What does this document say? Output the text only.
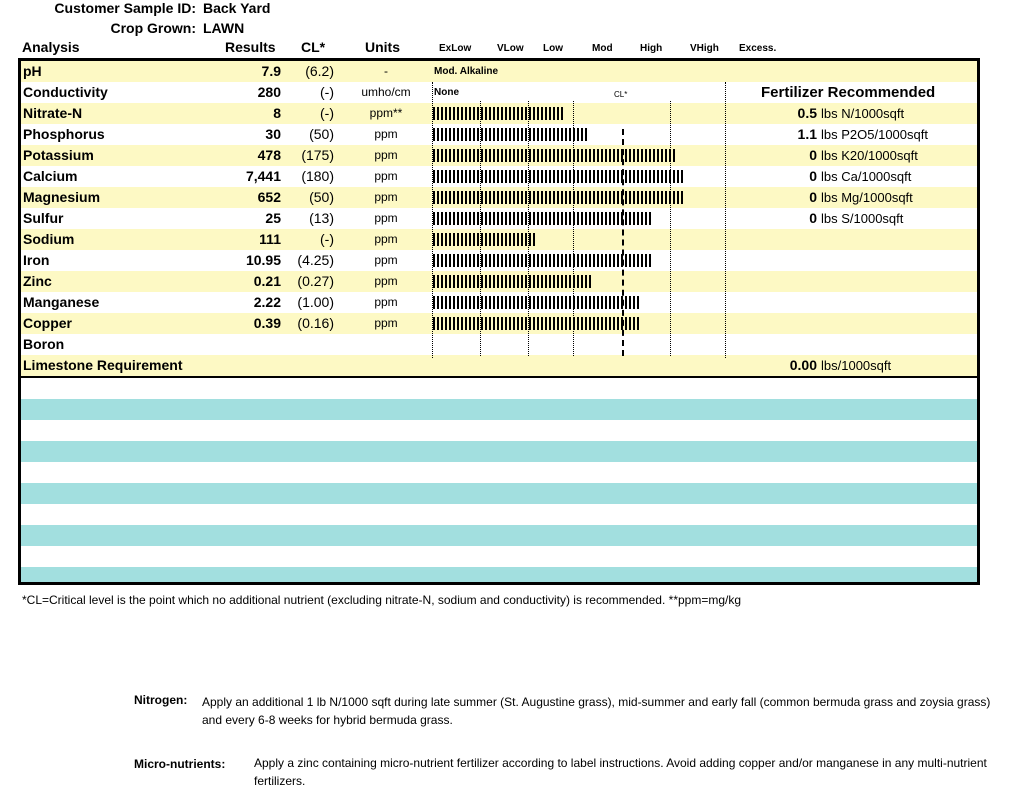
Customer Sample ID: Back Yard
Crop Grown: LAWN
Analysis	Results CL*	Units	ExLow	VLow Low	Mod	High	VHigh Excess.
pH	7.9	(6.2)	-	Mod. Alkaline
Conductivity	280	(-)	umho/cm	None
Nitrate-N	8	(-)	ppm**	0.5 lbs N/1000sqft
Phosphorus	30	(50)	ppm	1.1 lbs P2O5/1000sqft
Potassium	478	(175)	ppm	0 lbs K20/1000sqft
Calcium	7,441	(180)	ppm	0 lbs Ca/1000sqft
Magnesium	652	(50)	ppm	0 lbs Mg/1000sqft
Sulfur	25	(13)	ppm	0 lbs S/1000sqft
Sodium	111	(-)	ppm
Iron	10.95	(4.25)	ppm
Zinc	0.21	(0.27)	ppm
Manganese	2.22	(1.00)	ppm
Copper	0.39	(0.16)	ppm
Boron
Limestone Requirement	0.00 lbs/1000sqft
CL*	Fertilizer Recommended
*CL=Critical level is the point which no additional nutrient (excluding nitrate-N, sodium and conductivity) is recommended. **ppm=mg/kg
Nitrogen: Apply an additional 1 lb N/1000 sqft during late summer (St. Augustine grass), mid-summer and early fall (common bermuda grass and zoysia grass) and every 6-8 weeks for hybrid bermuda grass.
Micro-nutrients: Apply a zinc containing micro-nutrient fertilizer according to label instructions. Avoid adding copper and/or manganese in any multi-nutrient fertilizers.
